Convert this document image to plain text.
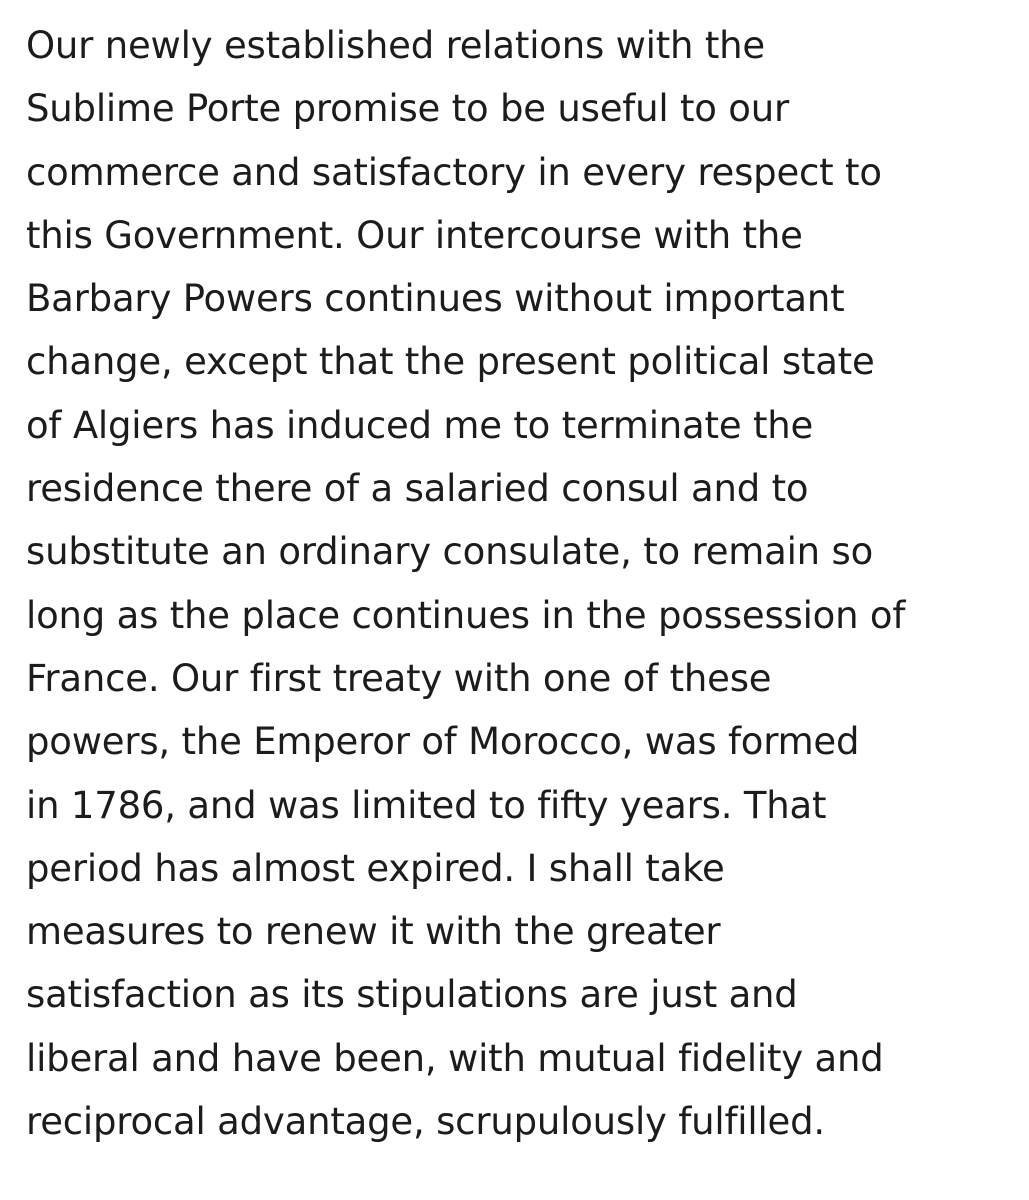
Our newly established relations with the
Sublime Porte promise to be useful to our
commerce and satisfactory in every respect to
this Government. Our intercourse with the
Barbary Powers continues without important
change, except that the present political state
of Algiers has induced me to terminate the
residence there of a salaried consul and to
substitute an ordinary consulate, to remain so
long as the place continues in the possession of
France. Our first treaty with one of these
powers, the Emperor of Morocco, was formed
in 1786, and was limited to fifty years. That
period has almost expired. I shall take
measures to renew it with the greater
satisfaction as its stipulations are just and
liberal and have been, with mutual fidelity and
reciprocal advantage, scrupulously fulfilled.
